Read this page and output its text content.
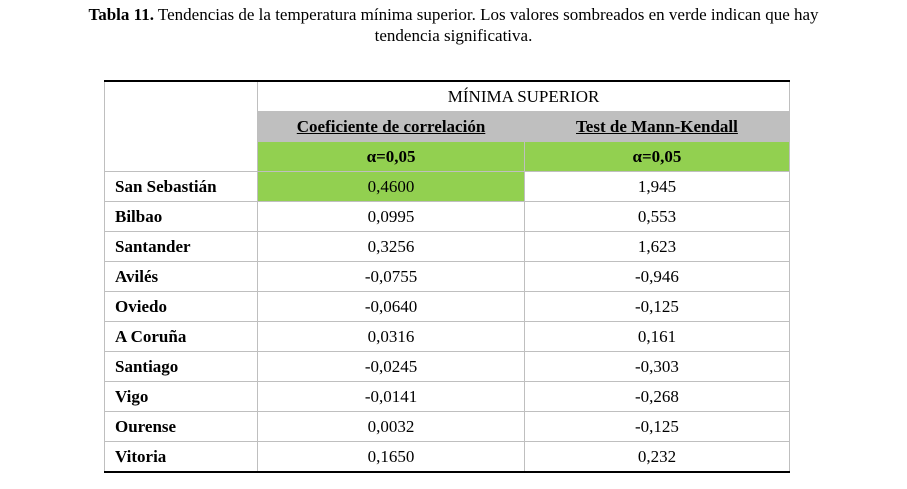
Tabla 11. Tendencias de la temperatura mínima superior. Los valores sombreados en verde indican que hay
tendencia significativa.
	MÍNIMA SUPERIOR	
	Coeficiente de correlación	Test de Mann-Kendall
	α=0,05	α=0,05
San Sebastián	0,4600	1,945
Bilbao	0,0995	0,553
Santander	0,3256	1,623
Avilés	-0,0755	-0,946
Oviedo	-0,0640	-0,125
A Coruña	0,0316	0,161
Santiago	-0,0245	-0,303
Vigo	-0,0141	-0,268
Ourense	0,0032	-0,125
Vitoria	0,1650	0,232
